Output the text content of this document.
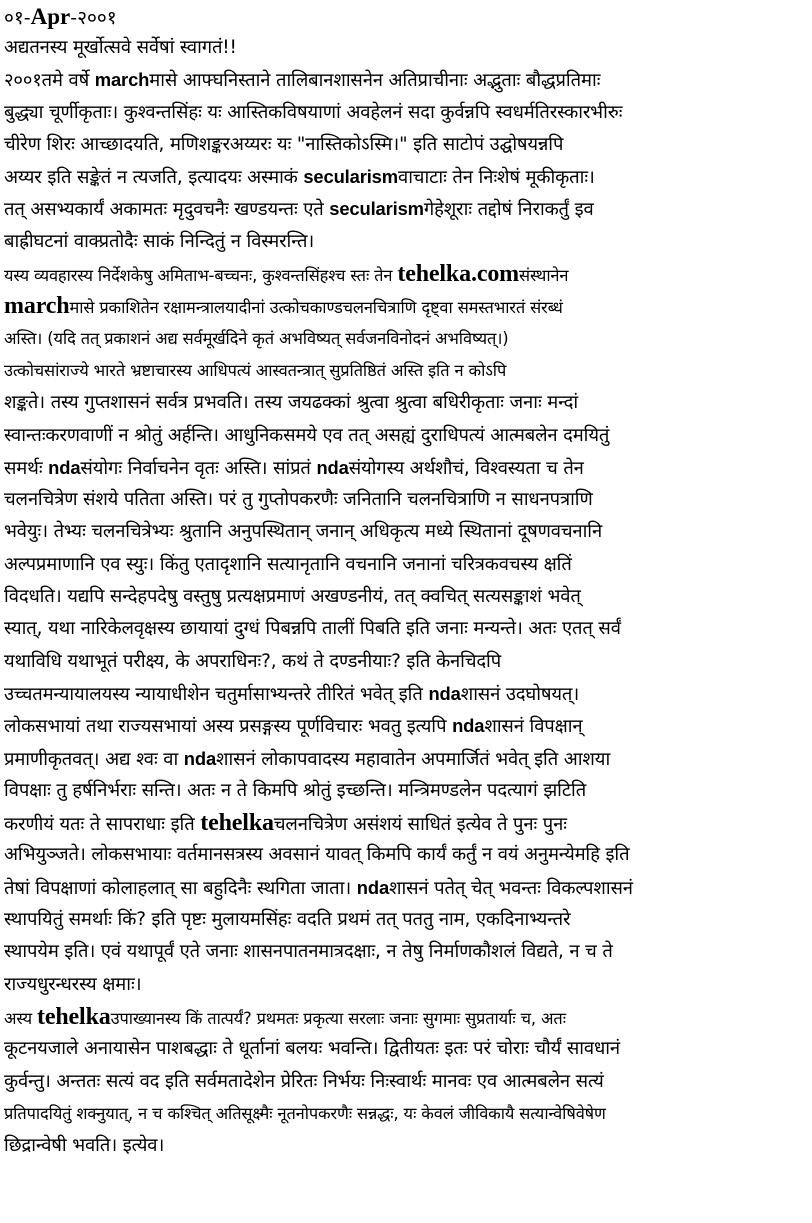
०१-Apr-२००१
अद्यतनस्य मूर्खोत्सवे सर्वेषां स्वागतं!!
२००१तमे वर्षे marchमासे आफ्घनिस्ताने तालिबानशासनेन अतिप्राचीनाः अद्भुताः बौद्धप्रतिमाः
बुद्ध्या चूर्णीकृताः। कुश्वन्तसिंहः यः आस्तिकविषयाणां अवहेलनं सदा कुर्वन्नपि स्वधर्मतिरस्कारभीरुः
चीरेण शिरः आच्छादयति, मणिशङ्करअय्यरः यः "नास्तिकोऽस्मि।" इति साटोपं उद्घोषयन्नपि
अय्यर इति सङ्केतं न त्यजति, इत्यादयः अस्माकं secularismवाचाटाः तेन निःशेषं मूकीकृताः।
तत् असभ्यकार्यं अकामतः मृदुवचनैः खण्डयन्तः एते secularismगेहेशूराः तद्दोषं निराकर्तुं इव
बाह्रीघटनां वाक्प्रतोदैः साकं निन्दितुं न विस्मरन्ति।
यस्य व्यवहारस्य निर्देशकेषु अमिताभ-बच्चनः, कुश्वन्तसिंहश्च स्तः तेन tehelka.comसंस्थानेन
marchमासे प्रकाशितेन रक्षामन्त्रालयादीनां उत्कोचकाण्डचलनचित्राणि दृष्ट्वा समस्तभारतं संरब्धं
अस्ति। (यदि तत् प्रकाशनं अद्य सर्वमूर्खदिने कृतं अभविष्यत् सर्वजनविनोदनं अभविष्यत्।)
उत्कोचसांराज्ये भारते भ्रष्टाचारस्य आधिपत्यं आस्वतन्त्रात् सुप्रतिष्ठितं अस्ति इति न कोऽपि
शङ्कते। तस्य गुप्तशासनं सर्वत्र प्रभवति। तस्य जयढक्कां श्रुत्वा श्रुत्वा बधिरीकृताः जनाः मन्दां
स्वान्तःकरणवाणीं न श्रोतुं अर्हन्ति। आधुनिकसमये एव तत् असह्यं दुराधिपत्यं आत्मबलेन दमयितुं
समर्थः ndaसंयोगः निर्वाचनेन वृतः अस्ति। सांप्रतं ndaसंयोगस्य अर्थशौचं, विश्वस्यता च तेन
चलनचित्रेण संशये पतिता अस्ति। परं तु गुप्तोपकरणैः जनितानि चलनचित्राणि न साधनपत्राणि
भवेयुः। तेभ्यः चलनचित्रेभ्यः श्रुतानि अनुपस्थितान् जनान् अधिकृत्य मध्ये स्थितानां दूषणवचनानि
अल्पप्रमाणानि एव स्युः। किंतु एतादृशानि सत्यानृतानि वचनानि जनानां चरित्रकवचस्य क्षतिं
विदधति। यद्यपि सन्देहपदेषु वस्तुषु प्रत्यक्षप्रमाणं अखण्डनीयं, तत् क्वचित् सत्यसङ्काशं भवेत्
स्यात्, यथा नारिकेलवृक्षस्य छायायां दुग्धं पिबन्नपि तालीं पिबति इति जनाः मन्यन्ते। अतः एतत् सर्वं
यथाविधि यथाभूतं परीक्ष्य, के अपराधिनः?, कथं ते दण्डनीयाः? इति केनचिदपि
उच्चतमन्यायालयस्य न्यायाधीशेन चतुर्मासाभ्यन्तरे तीरितं भवेत् इति ndaशासनं उदघोषयत्।
लोकसभायां तथा राज्यसभायां अस्य प्रसङ्गस्य पूर्णविचारः भवतु इत्यपि ndaशासनं विपक्षान्
प्रमाणीकृतवत्। अद्य श्वः वा ndaशासनं लोकापवादस्य महावातेन अपमार्जितं भवेत् इति आशया
विपक्षाः तु हर्षनिर्भराः सन्ति। अतः न ते किमपि श्रोतुं इच्छन्ति। मन्त्रिमण्डलेन पदत्यागं झटिति
करणीयं यतः ते सापराधाः इति tehelkaचलनचित्रेण असंशयं साधितं इत्येव ते पुनः पुनः
अभियुञ्जते। लोकसभायाः वर्तमानसत्रस्य अवसानं यावत् किमपि कार्यं कर्तुं न वयं अनुमन्येमहि इति
तेषां विपक्षाणां कोलाहलात् सा बहुदिनैः स्थगिता जाता। ndaशासनं पतेत् चेत् भवन्तः विकल्पशासनं
स्थापयितुं समर्थाः किं? इति पृष्टः मुलायमसिंहः वदति प्रथमं तत् पततु नाम, एकदिनाभ्यन्तरे
स्थापयेम इति। एवं यथापूर्वं एते जनाः शासनपातनमात्रदक्षाः, न तेषु निर्माणकौशलं विद्यते, न च ते
राज्यधुरन्धरस्य क्षमाः।
अस्य tehelkaउपाख्यानस्य किं तात्पर्यं? प्रथमतः प्रकृत्या सरलाः जनाः सुगमाः सुप्रतार्याः च, अतः
कूटनयजाले अनायासेन पाशबद्धाः ते धूर्तानां बलयः भवन्ति। द्वितीयतः इतः परं चोराः चौर्यं सावधानं
कुर्वन्तु। अन्ततः सत्यं वद इति सर्वमतादेशेन प्रेरितः निर्भयः निःस्वार्थः मानवः एव आत्मबलेन सत्यं
प्रतिपादयितुं शक्नुयात्, न च कश्चित् अतिसूक्ष्मैः नूतनोपकरणैः सन्नद्धः, यः केवलं जीविकायै सत्यान्वेषिवेषेण
छिद्रान्वेषी भवति। इत्येव।
